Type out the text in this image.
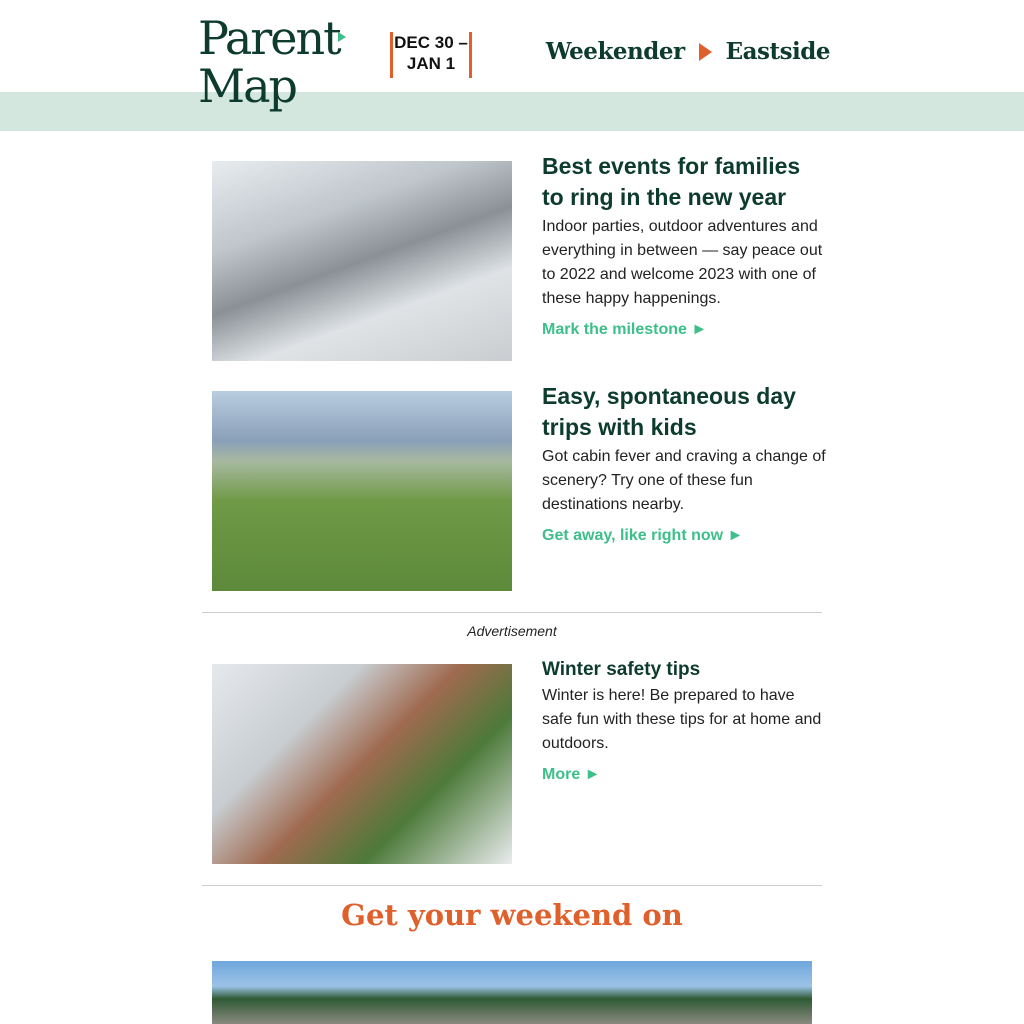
Parent
Map
DEC 30 –
JAN 1	Weekender Eastside
Best events for families to ring in the new year
Indoor parties, outdoor adventures and everything in between — say peace out to 2022 and welcome 2023 with one of these happy happenings.
Mark the milestone ►
Easy, spontaneous day trips with kids
Got cabin fever and craving a change of scenery? Try one of these fun destinations nearby.
Get away, like right now ►
Advertisement
Winter safety tips
Winter is here! Be prepared to have safe fun with these tips for at home and outdoors.
More ►
Get your weekend on
